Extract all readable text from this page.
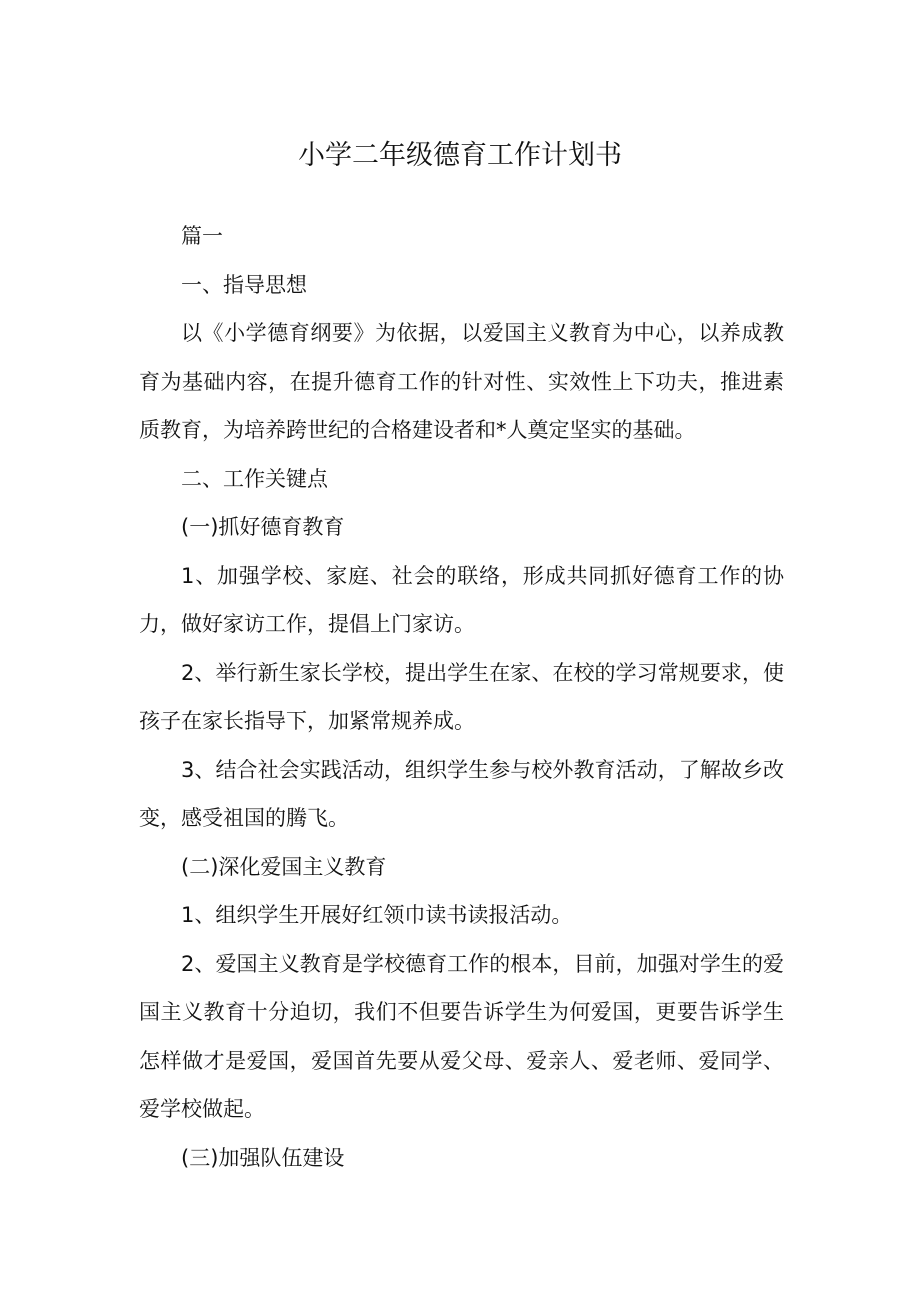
小学二年级德育工作计划书

篇一

一、指导思想

以《小学德育纲要》为依据，以爱国主义教育为中心，以养成教育为基础内容，在提升德育工作的针对性、实效性上下功夫，推进素质教育，为培养跨世纪的合格建设者和*人奠定坚实的基础。

二、工作关键点

(一)抓好德育教育

1、加强学校、家庭、社会的联络，形成共同抓好德育工作的协力，做好家访工作，提倡上门家访。

2、举行新生家长学校，提出学生在家、在校的学习常规要求，使孩子在家长指导下，加紧常规养成。

3、结合社会实践活动，组织学生参与校外教育活动，了解故乡改变，感受祖国的腾飞。

(二)深化爱国主义教育

1、组织学生开展好红领巾读书读报活动。

2、爱国主义教育是学校德育工作的根本，目前，加强对学生的爱国主义教育十分迫切，我们不但要告诉学生为何爱国，更要告诉学生怎样做才是爱国，爱国首先要从爱父母、爱亲人、爱老师、爱同学、爱学校做起。

(三)加强队伍建设
